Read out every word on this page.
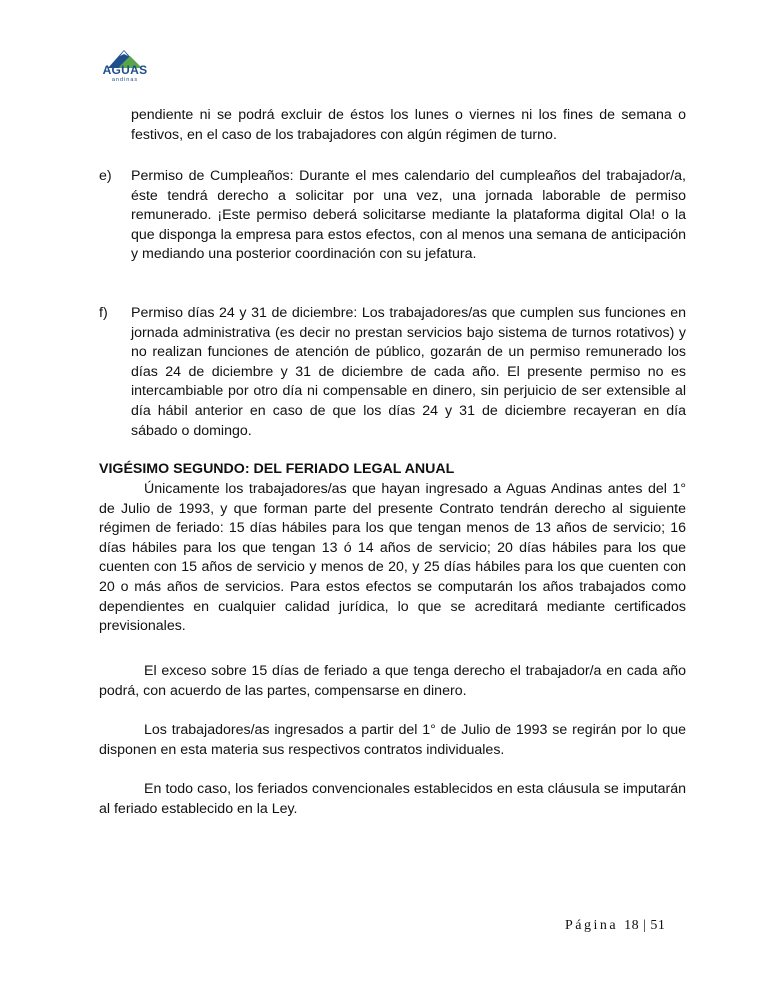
AGUAS
andinas
pendiente ni se podrá excluir de éstos los lunes o viernes ni los fines de semana o festivos, en el caso de los trabajadores con algún régimen de turno.
e) Permiso de Cumpleaños: Durante el mes calendario del cumpleaños del trabajador/a, éste tendrá derecho a solicitar por una vez, una jornada laborable de permiso remunerado. ¡Este permiso deberá solicitarse mediante la plataforma digital Ola! o la que disponga la empresa para estos efectos, con al menos una semana de anticipación y mediando una posterior coordinación con su jefatura.
f) Permiso días 24 y 31 de diciembre: Los trabajadores/as que cumplen sus funciones en jornada administrativa (es decir no prestan servicios bajo sistema de turnos rotativos) y no realizan funciones de atención de público, gozarán de un permiso remunerado los días 24 de diciembre y 31 de diciembre de cada año. El presente permiso no es intercambiable por otro día ni compensable en dinero, sin perjuicio de ser extensible al día hábil anterior en caso de que los días 24 y 31 de diciembre recayeran en día sábado o domingo.
VIGÉSIMO SEGUNDO: DEL FERIADO LEGAL ANUAL
Únicamente los trabajadores/as que hayan ingresado a Aguas Andinas antes del 1° de Julio de 1993, y que forman parte del presente Contrato tendrán derecho al siguiente régimen de feriado: 15 días hábiles para los que tengan menos de 13 años de servicio; 16 días hábiles para los que tengan 13 ó 14 años de servicio; 20 días hábiles para los que cuenten con 15 años de servicio y menos de 20, y 25 días hábiles para los que cuenten con 20 o más años de servicios. Para estos efectos se computarán los años trabajados como dependientes en cualquier calidad jurídica, lo que se acreditará mediante certificados previsionales.
El exceso sobre 15 días de feriado a que tenga derecho el trabajador/a en cada año podrá, con acuerdo de las partes, compensarse en dinero.
Los trabajadores/as ingresados a partir del 1° de Julio de 1993 se regirán por lo que disponen en esta materia sus respectivos contratos individuales.
En todo caso, los feriados convencionales establecidos en esta cláusula se imputarán al feriado establecido en la Ley.
Página 18 | 51
